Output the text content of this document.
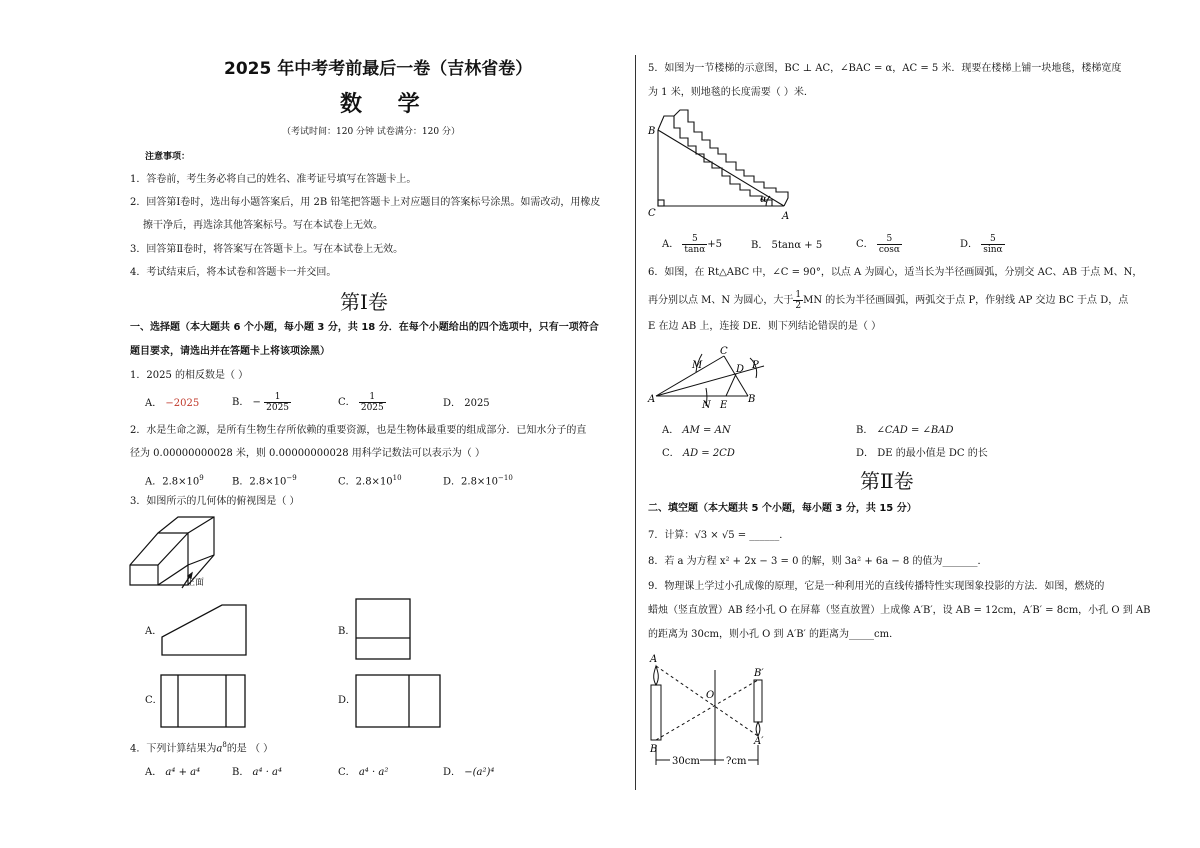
2025 年中考考前最后一卷（吉林省卷）
数 学
（考试时间：120 分钟 试卷满分：120 分）
注意事项：
1．答卷前，考生务必将自己的姓名、准考证号填写在答题卡上。
2．回答第Ⅰ卷时，选出每小题答案后，用 2B 铅笔把答题卡上对应题目的答案标号涂黑。如需改动，用橡皮
擦干净后，再选涂其他答案标号。写在本试卷上无效。
3．回答第Ⅱ卷时，将答案写在答题卡上。写在本试卷上无效。
4．考试结束后，将本试卷和答题卡一并交回。
第Ⅰ卷
一、选择题（本大题共 6 个小题，每小题 3 分，共 18 分．在每个小题给出的四个选项中，只有一项符合
题目要求，请选出并在答题卡上将该项涂黑）
1．2025 的相反数是（ ）
A． −2025	B． − $\frac{1}{2025}$	C． $\frac{1}{2025}$	D． 2025
2．水是生命之源，是所有生物生存所依赖的重要资源，也是生物体最重要的组成部分．已知水分子的直
径为 0.00000000028 米，则 0.00000000028 用科学记数法可以表示为（ ）
A．$2.8\times 10^9$	B．$2.8\times 10^{-9}$	C．$2.8\times 10^{10}$	D．$2.8\times 10^{-10}$
3．如图所示的几何体的俯视图是（ ）
正面
A．	B．
C．	D．
4．下列计算结果为$a^8$的是 （ ）
A． a⁴ + a⁴	B． a⁴ · a⁴	C． a⁴ · a²	D． −(a²)⁴
5．如图为一节楼梯的示意图，BC ⊥ AC，∠BAC = α，AC = 5 米．现要在楼梯上铺一块地毯，楼梯宽度
为 1 米，则地毯的长度需要（ ）米．
B
C	A
α
A． $\frac{5}{\tan\alpha} +5$	B． 5tanα + 5	C． $\frac{5}{\cos\alpha}$	D． $\frac{5}{\sin\alpha}$
6．如图，在 Rt△ABC 中，∠C = 90°，以点 A 为圆心，适当长为半径画圆弧，分别交 AC、AB 于点 M、N，
再分别以点 M、N 为圆心，大于 $\frac{1}{2}$ MN 的长为半径画圆弧，两弧交于点 P，作射线 AP 交边 BC 于点 D，点
E 在边 AB 上，连接 DE．则下列结论错误的是（ ）
C
M	D P
A
N E
B
A． AM = AN	B． ∠CAD = ∠BAD
C． AD = 2CD	D． DE 的最小值是 DC 的长
第Ⅱ卷
二、填空题（本大题共 5 个小题，每小题 3 分，共 15 分）
7．计算：√3 × √5 = ______．
8．若 a 为方程 x² + 2x − 3 = 0 的解，则 3a² + 6a − 8 的值为_______．
9．物理课上学过小孔成像的原理，它是一种利用光的直线传播特性实现图象投影的方法．如图，燃烧的
蜡烛（竖直放置）AB 经小孔 O 在屏幕（竖直放置）上成像 A′B′，设 AB = 12cm，A′B′ = 8cm，小孔 O 到 AB
的距离为 30cm，则小孔 O 到 A′B′ 的距离为_____cm．
A
B
O
B′
A′
30cm	?cm
